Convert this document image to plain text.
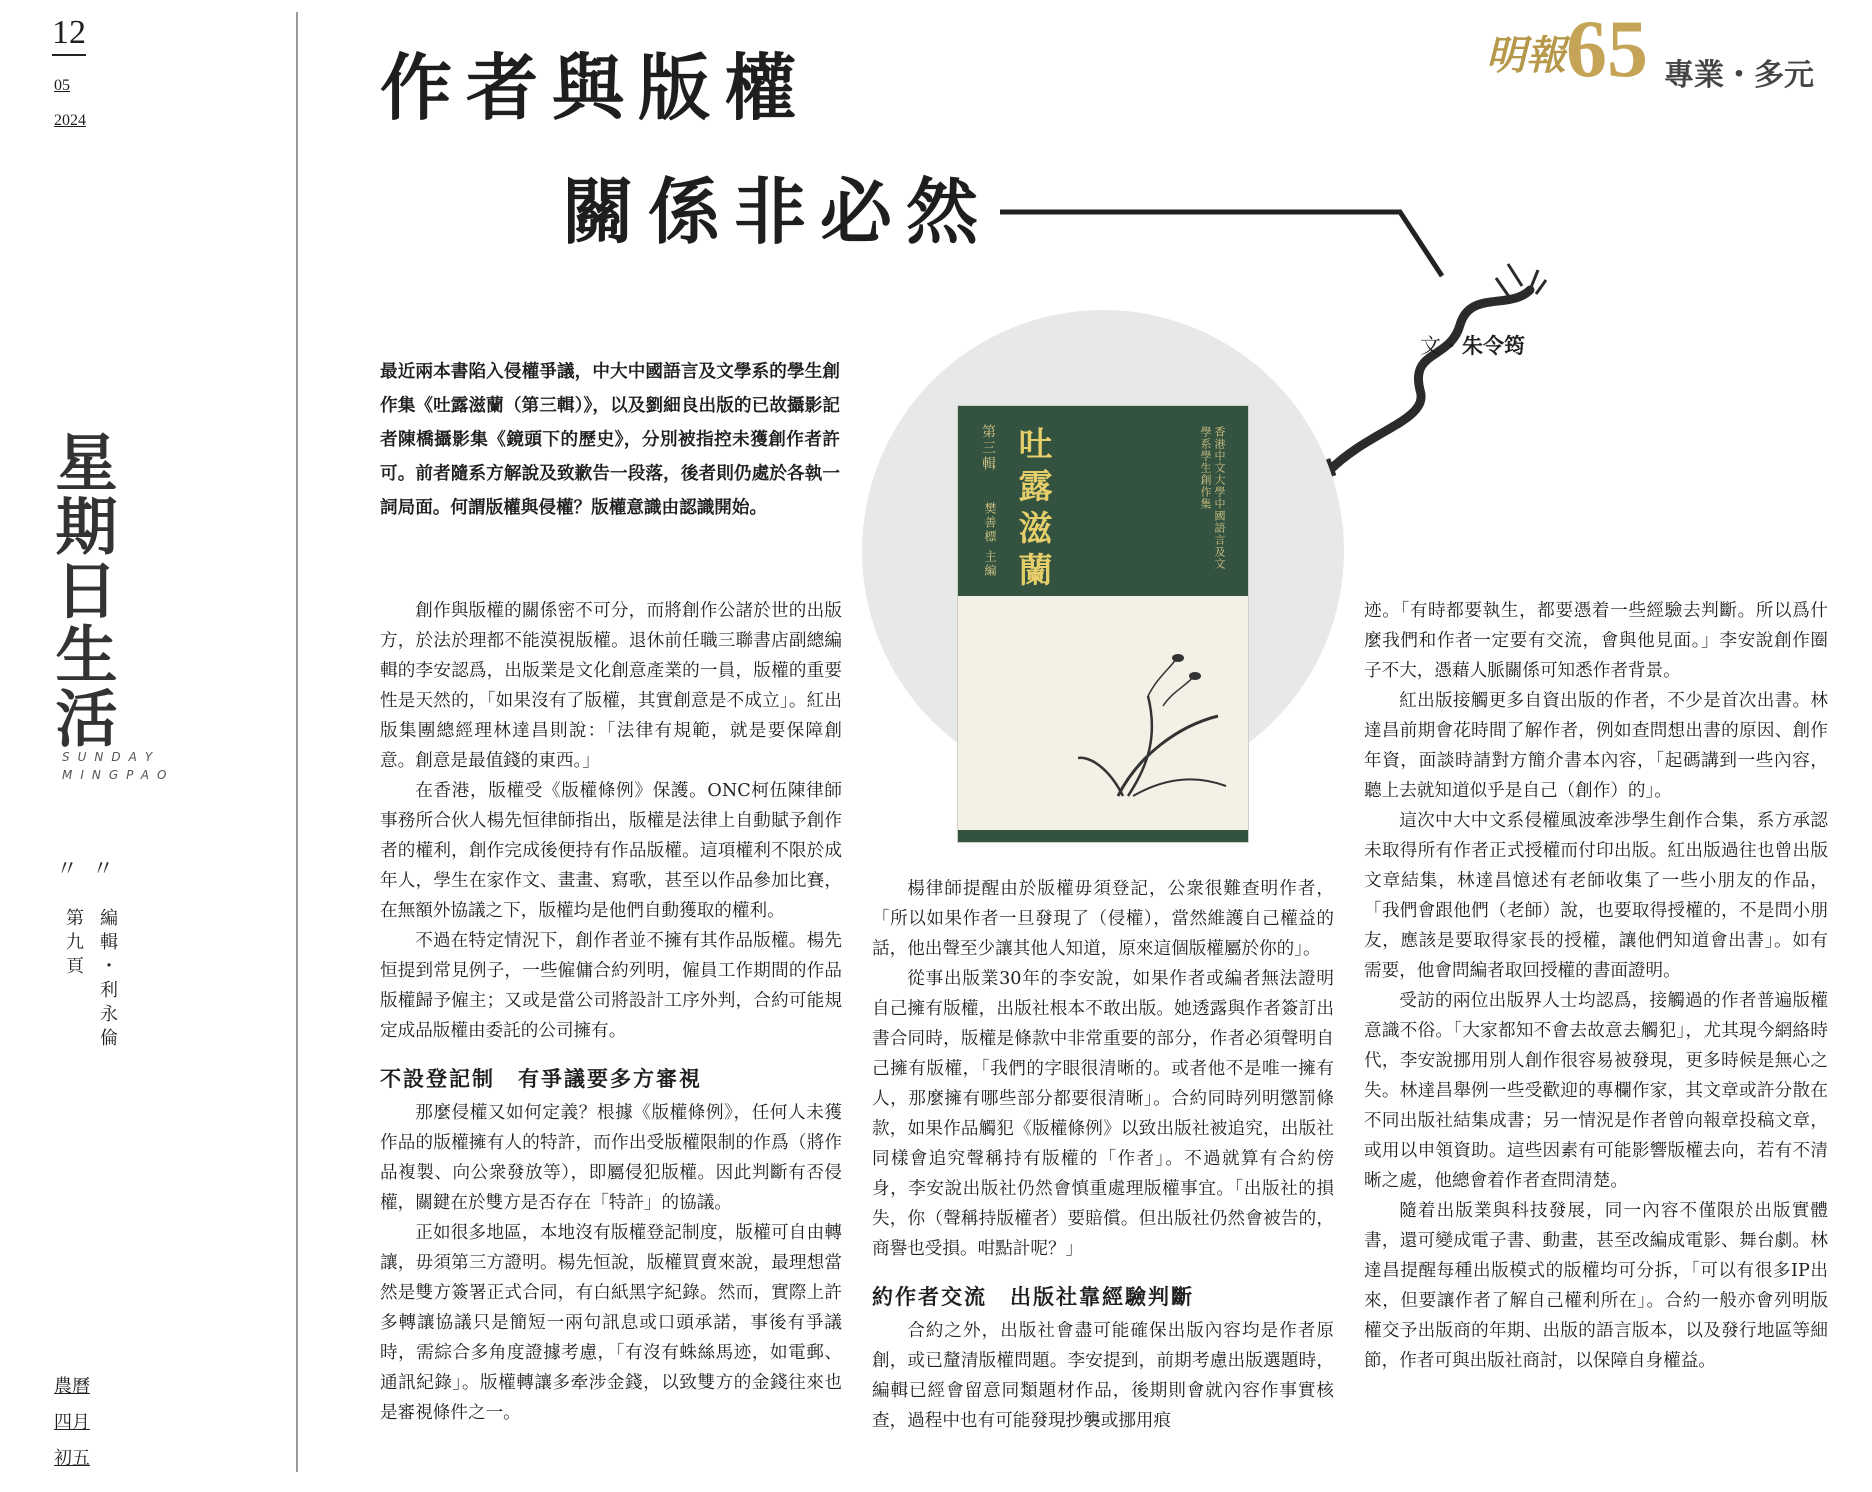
12
05
2024
星期日生活
SUNDAY MINGPAO
〃〃
第九頁 編輯・利永倫
農曆
四月
初五
明報 65 專業・多元
作者與版權
關係非必然
文・朱令筠
最近兩本書陷入侵權爭議，中大中國語言及文學系的學生創作集《吐露滋蘭（第三輯）》，以及劉細良出版的已故攝影記者陳橋攝影集《鏡頭下的歷史》，分別被指控未獲創作者許可。前者隨系方解說及致歉告一段落，後者則仍處於各執一詞局面。何謂版權與侵權？版權意識由認識開始。
第三輯 吐露滋蘭
樊善標 主編	香港中文大學中國語言及文學系學生創作集

創作與版權的關係密不可分，而將創作公諸於世的出版方，於法於理都不能漠視版權。退休前任職三聯書店副總編輯的李安認爲，出版業是文化創意產業的一員，版權的重要性是天然的，「如果沒有了版權，其實創意是不成立」。紅出版集團總經理林達昌則說：「法律有規範，就是要保障創意。創意是最值錢的東西。」

在香港，版權受《版權條例》保護。ONC柯伍陳律師事務所合伙人楊先恒律師指出，版權是法律上自動賦予創作者的權利，創作完成後便持有作品版權。這項權利不限於成年人，學生在家作文、畫畫、寫歌，甚至以作品參加比賽，在無額外協議之下，版權均是他們自動獲取的權利。

不過在特定情況下，創作者並不擁有其作品版權。楊先恒提到常見例子，一些僱傭合約列明，僱員工作期間的作品版權歸予僱主；又或是當公司將設計工序外判，合約可能規定成品版權由委託的公司擁有。

不設登記制　有爭議要多方審視

那麼侵權又如何定義？根據《版權條例》，任何人未獲作品的版權擁有人的特許，而作出受版權限制的作爲（將作品複製、向公衆發放等），即屬侵犯版權。因此判斷有否侵權，關鍵在於雙方是否存在「特許」的協議。

正如很多地區，本地沒有版權登記制度，版權可自由轉讓，毋須第三方證明。楊先恒說，版權買賣來說，最理想當然是雙方簽署正式合同，有白紙黑字紀錄。然而，實際上許多轉讓協議只是簡短一兩句訊息或口頭承諾，事後有爭議時，需綜合多角度證據考慮，「有沒有蛛絲馬迹，如電郵、通訊紀錄」。版權轉讓多牽涉金錢，以致雙方的金錢往來也是審視條件之一。

楊律師提醒由於版權毋須登記，公衆很難查明作者，「所以如果作者一旦發現了（侵權），當然維護自己權益的話，他出聲至少讓其他人知道，原來這個版權屬於你的」。

從事出版業30年的李安說，如果作者或編者無法證明自己擁有版權，出版社根本不敢出版。她透露與作者簽訂出書合同時，版權是條款中非常重要的部分，作者必須聲明自己擁有版權，「我們的字眼很清晰的。或者他不是唯一擁有人，那麼擁有哪些部分都要很清晰」。合約同時列明懲罰條款，如果作品觸犯《版權條例》以致出版社被追究，出版社同樣會追究聲稱持有版權的「作者」。不過就算有合約傍身，李安說出版社仍然會慎重處理版權事宜。「出版社的損失，你（聲稱持版權者）要賠償。但出版社仍然會被告的，商譽也受損。咁點計呢？」

約作者交流　出版社靠經驗判斷

合約之外，出版社會盡可能確保出版內容均是作者原創，或已釐清版權問題。李安提到，前期考慮出版選題時，編輯已經會留意同類題材作品，後期則會就內容作事實核查，過程中也有可能發現抄襲或挪用痕

迹。「有時都要執生，都要憑着一些經驗去判斷。所以爲什麼我們和作者一定要有交流，會與他見面。」李安說創作圈子不大，憑藉人脈關係可知悉作者背景。

紅出版接觸更多自資出版的作者，不少是首次出書。林達昌前期會花時間了解作者，例如查問想出書的原因、創作年資，面談時請對方簡介書本內容，「起碼講到一些內容，聽上去就知道似乎是自己（創作）的」。

這次中大中文系侵權風波牽涉學生創作合集，系方承認未取得所有作者正式授權而付印出版。紅出版過往也曾出版文章結集，林達昌憶述有老師收集了一些小朋友的作品，「我們會跟他們（老師）說，也要取得授權的，不是問小朋友，應該是要取得家長的授權，讓他們知道會出書」。如有需要，他會問編者取回授權的書面證明。

受訪的兩位出版界人士均認爲，接觸過的作者普遍版權意識不俗。「大家都知不會去故意去觸犯」，尤其現今網絡時代，李安說挪用別人創作很容易被發現，更多時候是無心之失。林達昌舉例一些受歡迎的專欄作家，其文章或許分散在不同出版社結集成書；另一情況是作者曾向報章投稿文章，或用以申領資助。這些因素有可能影響版權去向，若有不清晰之處，他總會着作者查問清楚。

隨着出版業與科技發展，同一內容不僅限於出版實體書，還可變成電子書、動畫，甚至改編成電影、舞台劇。林達昌提醒每種出版模式的版權均可分拆，「可以有很多IP出來，但要讓作者了解自己權利所在」。合約一般亦會列明版權交予出版商的年期、出版的語言版本，以及發行地區等細節，作者可與出版社商討，以保障自身權益。
